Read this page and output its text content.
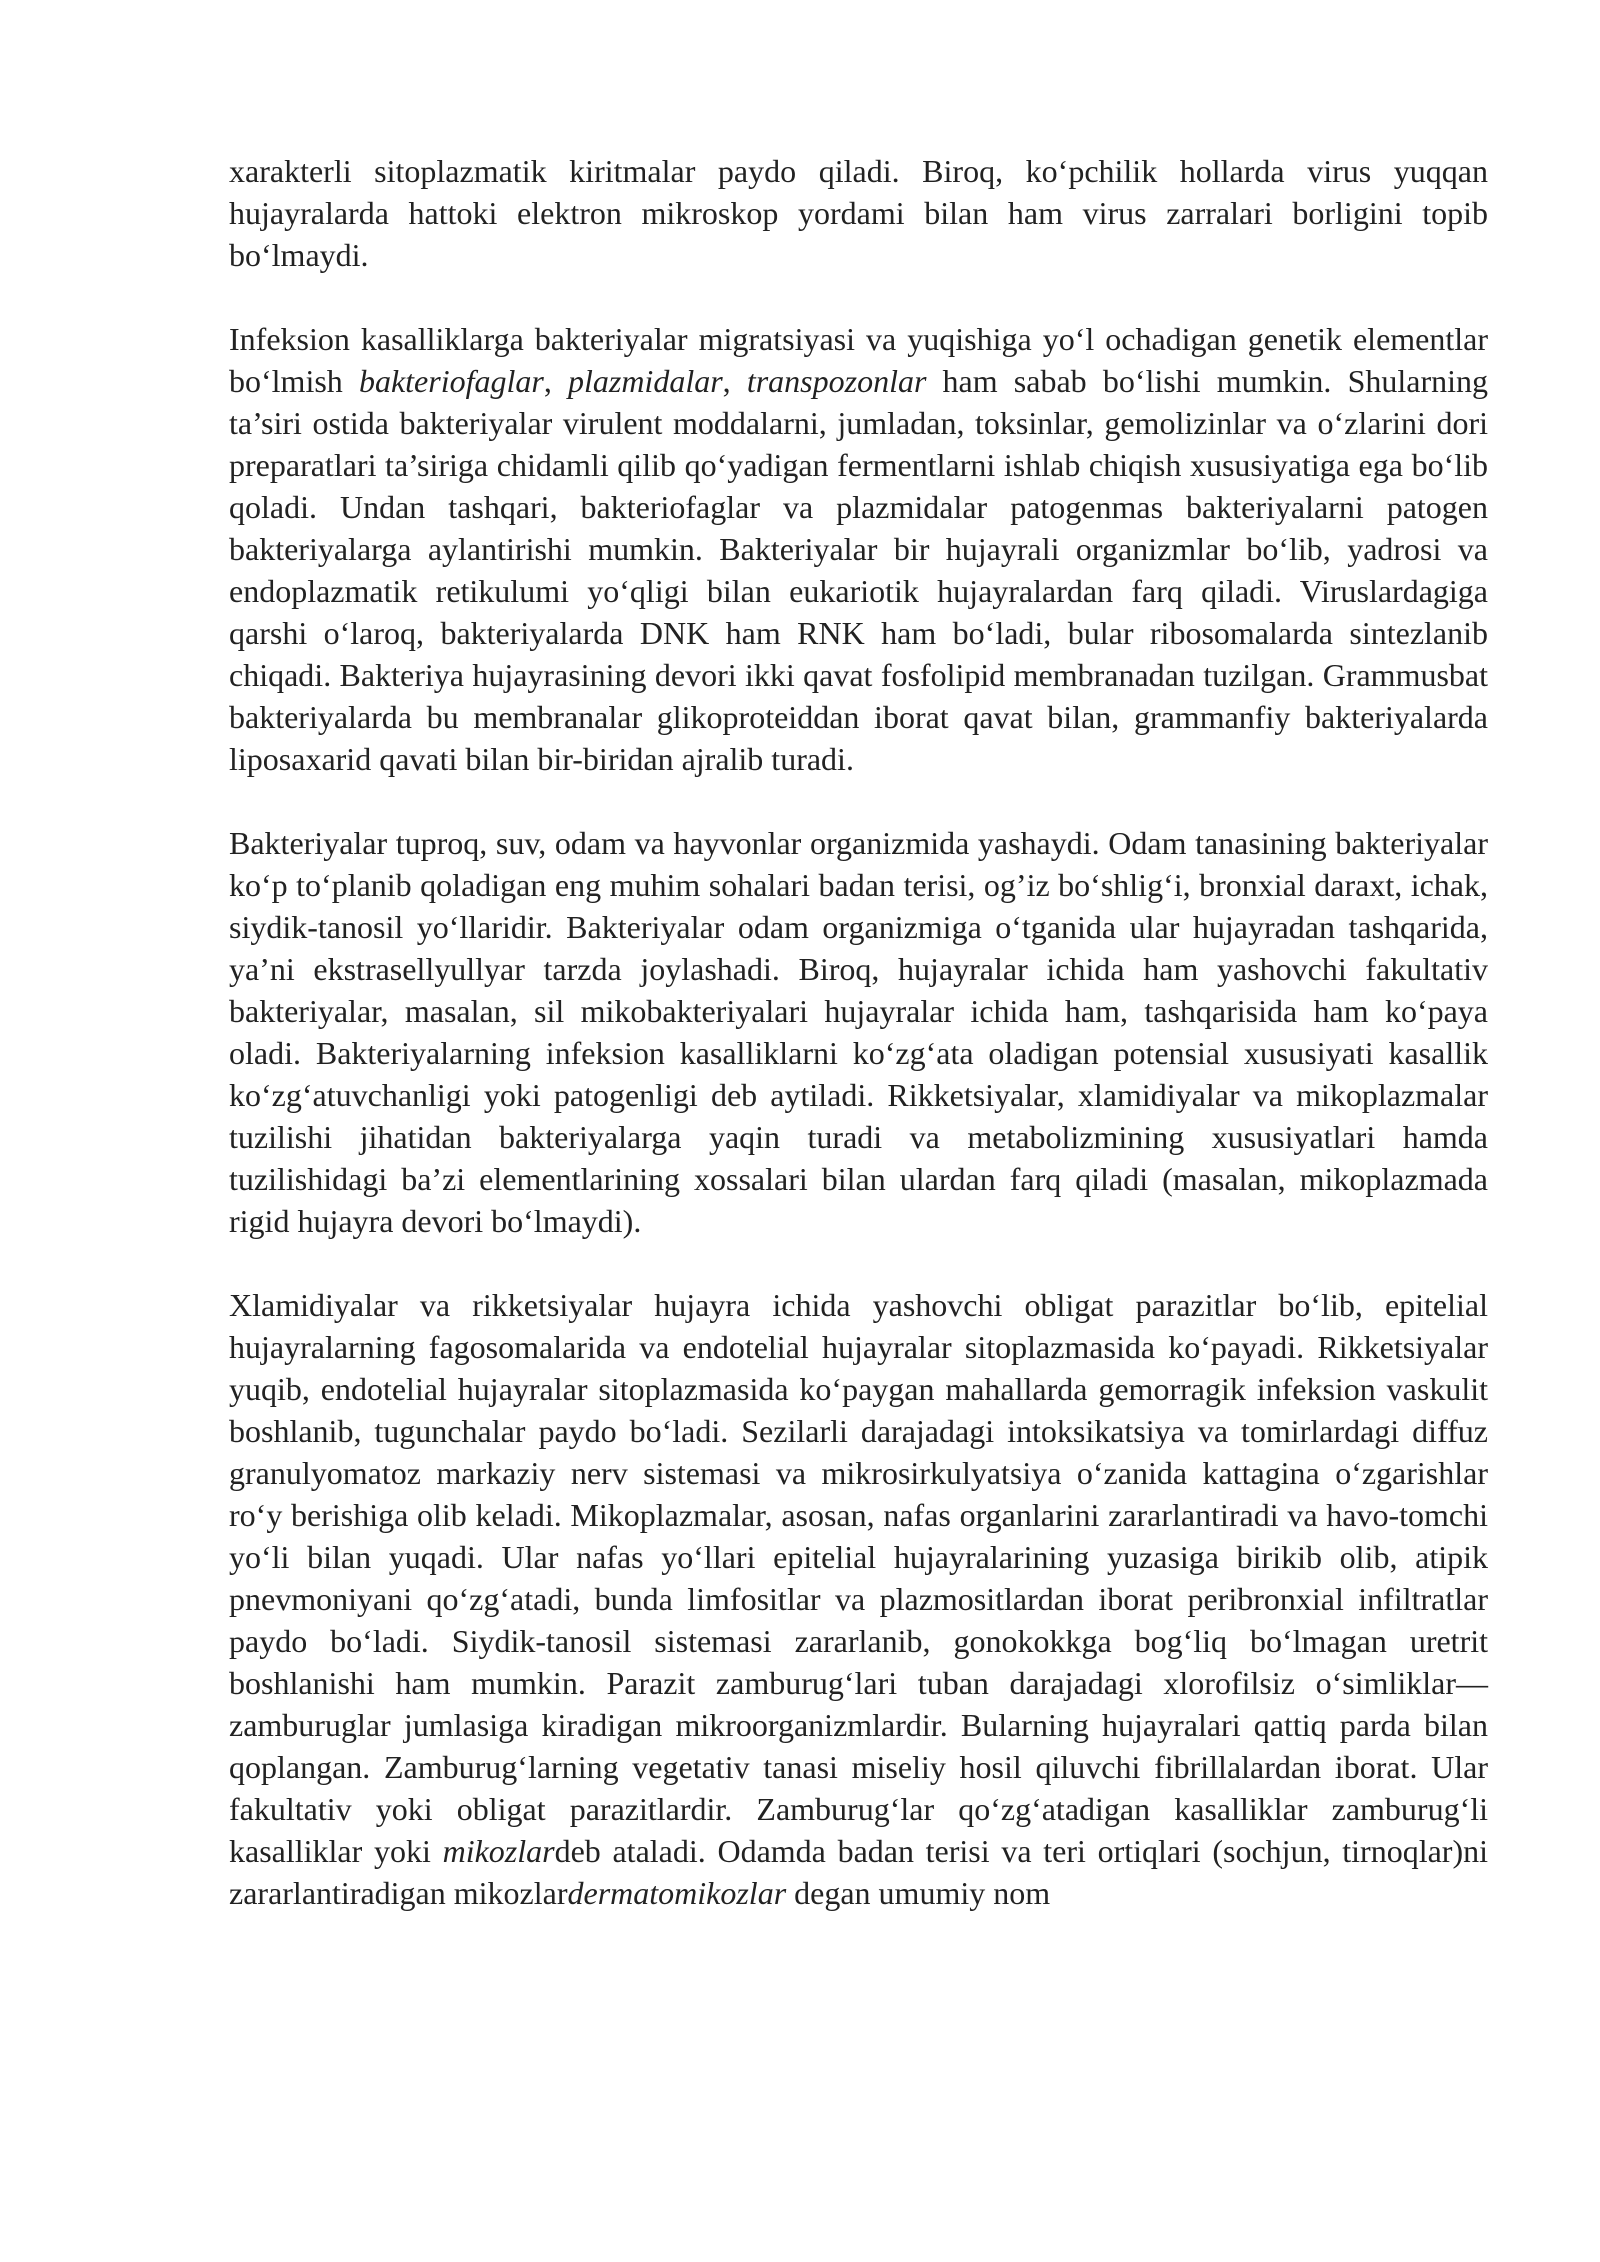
xarakterli sitoplazmatik kiritmalar paydo qiladi. Biroq, koʻpchilik hollarda virus yuqqan hujayralarda hattoki elektron mikroskop yordami bilan ham virus zarralari borligini topib boʻlmaydi.

Infeksion kasalliklarga bakteriyalar migratsiyasi va yuqishiga yoʻl ochadigan genetik elementlar boʻlmish bakteriofaglar, plazmidalar, transpozonlar ham sabab boʻlishi mumkin. Shularning ta’siri ostida bakteriyalar virulent moddalarni, jumladan, toksinlar, gemolizinlar va oʻzlarini dori preparatlari ta’siriga chidamli qilib qoʻyadigan fermentlarni ishlab chiqish xususiyatiga ega boʻlib qoladi. Undan tashqari, bakteriofaglar va plazmidalar patogenmas bakteriyalarni patogen bakteriyalarga aylantirishi mumkin. Bakteriyalar bir hujayrali organizmlar boʻlib, yadrosi va endoplazmatik retikulumi yoʻqligi bilan eukariotik hujayralardan farq qiladi. Viruslardagiga qarshi oʻlaroq, bakteriyalarda DNK ham RNK ham boʻladi, bular ribosomalarda sintezlanib chiqadi. Bakteriya hujayrasining devori ikki qavat fosfolipid membranadan tuzilgan. Grammusbat bakteriyalarda bu membranalar glikoproteiddan iborat qavat bilan, grammanfiy bakteriyalarda liposaxarid qavati bilan bir-biridan ajralib turadi.

Bakteriyalar tuproq, suv, odam va hayvonlar organizmida yashaydi. Odam tanasining bakteriyalar koʻp toʻplanib qoladigan eng muhim sohalari badan terisi, og’iz boʻshligʻi, bronxial daraxt, ichak, siydik-tanosil yoʻllaridir. Bakteriyalar odam organizmiga oʻtganida ular hujayradan tashqarida, ya’ni ekstrasellyullyar tarzda joylashadi. Biroq, hujayralar ichida ham yashovchi fakultativ bakteriyalar, masalan, sil mikobakteriyalari hujayralar ichida ham, tashqarisida ham koʻpaya oladi. Bakteriyalarning infeksion kasalliklarni koʻzgʻata oladigan potensial xususiyati kasallik koʻzgʻatuvchanligi yoki patogenligi deb aytiladi. Rikketsiyalar, xlamidiyalar va mikoplazmalar tuzilishi jihatidan bakteriyalarga yaqin turadi va metabolizmining xususiyatlari hamda tuzilishidagi ba’zi elementlarining xossalari bilan ulardan farq qiladi (masalan, mikoplazmada rigid hujayra devori boʻlmaydi).

Xlamidiyalar va rikketsiyalar hujayra ichida yashovchi obligat parazitlar boʻlib, epitelial hujayralarning fagosomalarida va endotelial hujayralar sitoplazmasida koʻpayadi. Rikketsiyalar yuqib, endotelial hujayralar sitoplazmasida koʻpaygan mahallarda gemorragik infeksion vaskulit boshlanib, tugunchalar paydo boʻladi. Sezilarli darajadagi intoksikatsiya va tomirlardagi diffuz granulyomatoz markaziy nerv sistemasi va mikrosirkulyatsiya oʻzanida kattagina oʻzgarishlar roʻy berishiga olib keladi. Mikoplazmalar, asosan, nafas organlarini zararlantiradi va havo-tomchi yoʻli bilan yuqadi. Ular nafas yoʻllari epitelial hujayralarining yuzasiga birikib olib, atipik pnevmoniyani qoʻzgʻatadi, bunda limfositlar va plazmositlardan iborat peribronxial infiltratlar paydo boʻladi. Siydik-tanosil sistemasi zararlanib, gonokokkga bogʻliq boʻlmagan uretrit boshlanishi ham mumkin. Parazit zamburugʻlari tuban darajadagi xlorofilsiz oʻsimliklar—zamburuglar jumlasiga kiradigan mikroorganizmlardir. Bularning hujayralari qattiq parda bilan qoplangan. Zamburugʻlarning vegetativ tanasi miseliy hosil qiluvchi fibrillalardan iborat. Ular fakultativ yoki obligat parazitlardir. Zamburugʻlar qoʻzgʻatadigan kasalliklar zamburugʻli kasalliklar yoki mikozlardeb ataladi. Odamda badan terisi va teri ortiqlari (sochjun, tirnoqlar)ni zararlantiradigan mikozlardermatomikozlar degan umumiy nom
